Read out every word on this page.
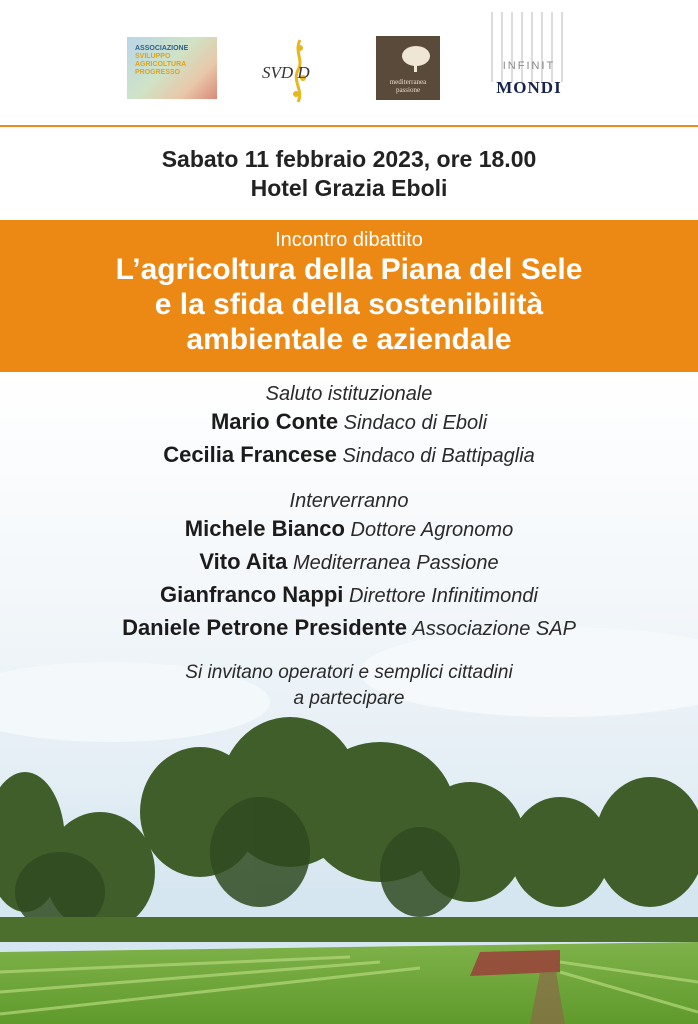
ASSOCIAZIONE
SVILUPPO
AGRICOLTURA
PROGRESSO	SVD D	mediterranea
passione
INFINIT
MONDI
Sabato 11 febbraio 2023, ore 18.00
Hotel Grazia Eboli
Incontro dibattito
L’agricoltura della Piana del Sele
e la sfida della sostenibilità
ambientale e aziendale
Saluto istituzionale
Mario Conte Sindaco di Eboli
Cecilia Francese Sindaco di Battipaglia
Interverranno
Michele Bianco Dottore Agronomo
Vito Aita Mediterranea Passione
Gianfranco Nappi Direttore Infinitimondi
Daniele Petrone Presidente Associazione SAP
Si invitano operatori e semplici cittadini
a partecipare
